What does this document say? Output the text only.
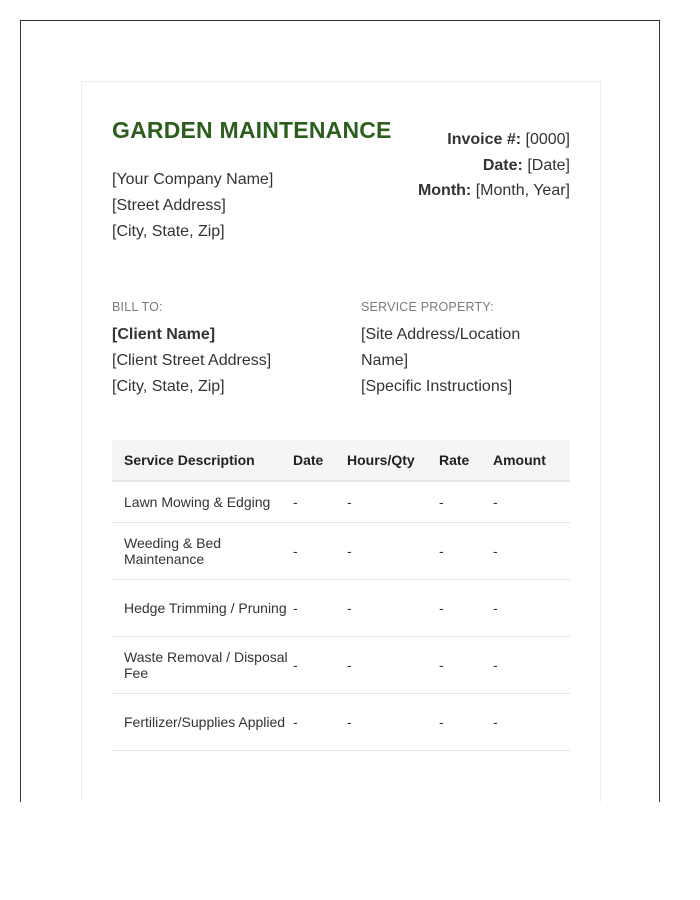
GARDEN MAINTENANCE
[Your Company Name]
[Street Address]
[City, State, Zip]
Invoice #: [0000]
Date: [Date]
Month: [Month, Year]
BILL TO:	SERVICE PROPERTY:
[Client Name]
[Client Street Address]
[City, State, Zip]
[Site Address/Location Name]
[Specific Instructions]
Service Description	Date	Hours/Qty	Rate	Amount
Lawn Mowing & Edging	-	-	-	-
Weeding & Bed Maintenance	-	-	-	-
Hedge Trimming / Pruning	-	-	-	-
Waste Removal / Disposal Fee	-	-	-	-
Fertilizer/Supplies Applied	-	-	-	-
